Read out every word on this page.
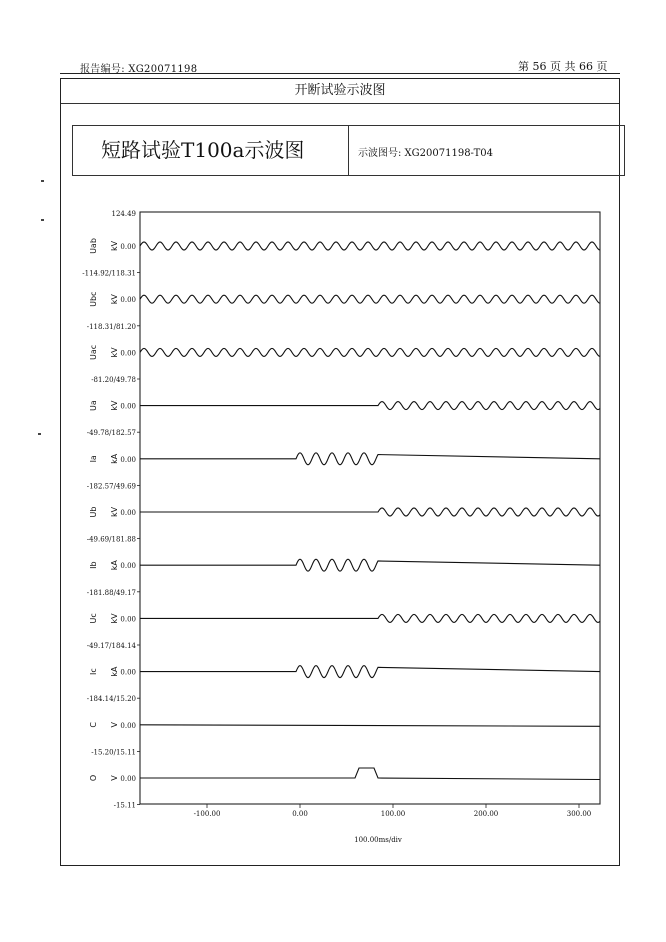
报告编号: XG20071198	第 56 页 共 66 页
开断试验示波图
短路试验T100a示波图	示波图号: XG20071198-T04
124.49
Uab kV 0.00
-114.92/118.31
Ubc kV 0.00
-118.31/81.20
Uac kV 0.00
-81.20/49.78
Ua kV 0.00
-49.78/182.57
Ia kA 0.00
-182.57/49.69
Ub kV 0.00
-49.69/181.88
Ib kA 0.00
-181.88/49.17
Uc kV 0.00
-49.17/184.14
Ic kA 0.00
-184.14/15.20
C V 0.00
-15.20/15.11
O V 0.00
-15.11
-100.00	0.00	100.00	200.00	300.00
100.00ms/div
